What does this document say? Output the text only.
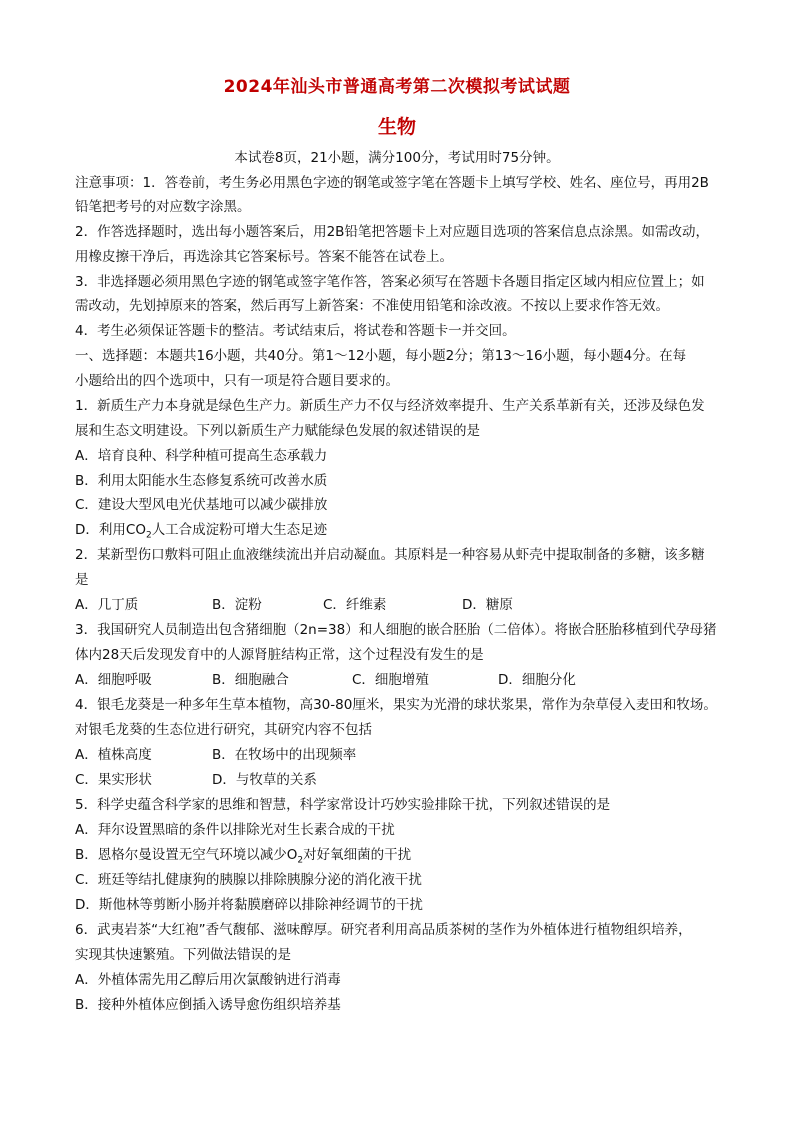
2024年汕头市普通高考第二次模拟考试试题
生物
本试卷8页，21小题，满分100分，考试用时75分钟。
注意事项：1．答卷前，考生务必用黑色字迹的钢笔或签字笔在答题卡上填写学校、姓名、座位号，再用2B
铅笔把考号的对应数字涂黑。
2．作答选择题时，选出每小题答案后，用2B铅笔把答题卡上对应题目选项的答案信息点涂黑。如需改动，
用橡皮擦干净后，再选涂其它答案标号。答案不能答在试卷上。
3．非选择题必须用黑色字迹的钢笔或签字笔作答，答案必须写在答题卡各题目指定区域内相应位置上；如
需改动，先划掉原来的答案，然后再写上新答案：不准使用铅笔和涂改液。不按以上要求作答无效。
4．考生必须保证答题卡的整洁。考试结束后，将试卷和答题卡一并交回。
一、选择题：本题共16小题，共40分。第1～12小题，每小题2分；第13～16小题，每小题4分。在每
小题给出的四个选项中，只有一项是符合题目要求的。
1．新质生产力本身就是绿色生产力。新质生产力不仅与经济效率提升、生产关系革新有关，还涉及绿色发
展和生态文明建设。下列以新质生产力赋能绿色发展的叙述错误的是
A．培育良种、科学种植可提高生态承载力
B．利用太阳能水生态修复系统可改善水质
C．建设大型风电光伏基地可以减少碳排放
D．利用$CO_2$人工合成淀粉可增大生态足迹
2．某新型伤口敷料可阻止血液继续流出并启动凝血。其原料是一种容易从虾壳中提取制备的多糖，该多糖
是
A．几丁质	B．淀粉	C．纤维素	D．糖原
3．我国研究人员制造出包含猪细胞（2n=38）和人细胞的嵌合胚胎（二倍体）。将嵌合胚胎移植到代孕母猪
体内28天后发现发育中的人源肾脏结构正常，这个过程没有发生的是
A．细胞呼吸	B．细胞融合	C．细胞增殖	D．细胞分化
4．银毛龙葵是一种多年生草本植物，高30-80厘米，果实为光滑的球状浆果，常作为杂草侵入麦田和牧场。
对银毛龙葵的生态位进行研究，其研究内容不包括
A．植株高度	B．在牧场中的出现频率
C．果实形状	D．与牧草的关系
5．科学史蕴含科学家的思维和智慧，科学家常设计巧妙实验排除干扰，下列叙述错误的是
A．拜尔设置黑暗的条件以排除光对生长素合成的干扰
B．恩格尔曼设置无空气环境以减少$O_2$对好氧细菌的干扰
C．班廷等结扎健康狗的胰腺以排除胰腺分泌的消化液干扰
D．斯他林等剪断小肠并将黏膜磨碎以排除神经调节的干扰
6．武夷岩茶“大红袍”香气馥郁、滋味醇厚。研究者利用高品质茶树的茎作为外植体进行植物组织培养，
实现其快速繁殖。下列做法错误的是
A．外植体需先用乙醇后用次氯酸钠进行消毒
B．接种外植体应倒插入诱导愈伤组织培养基
